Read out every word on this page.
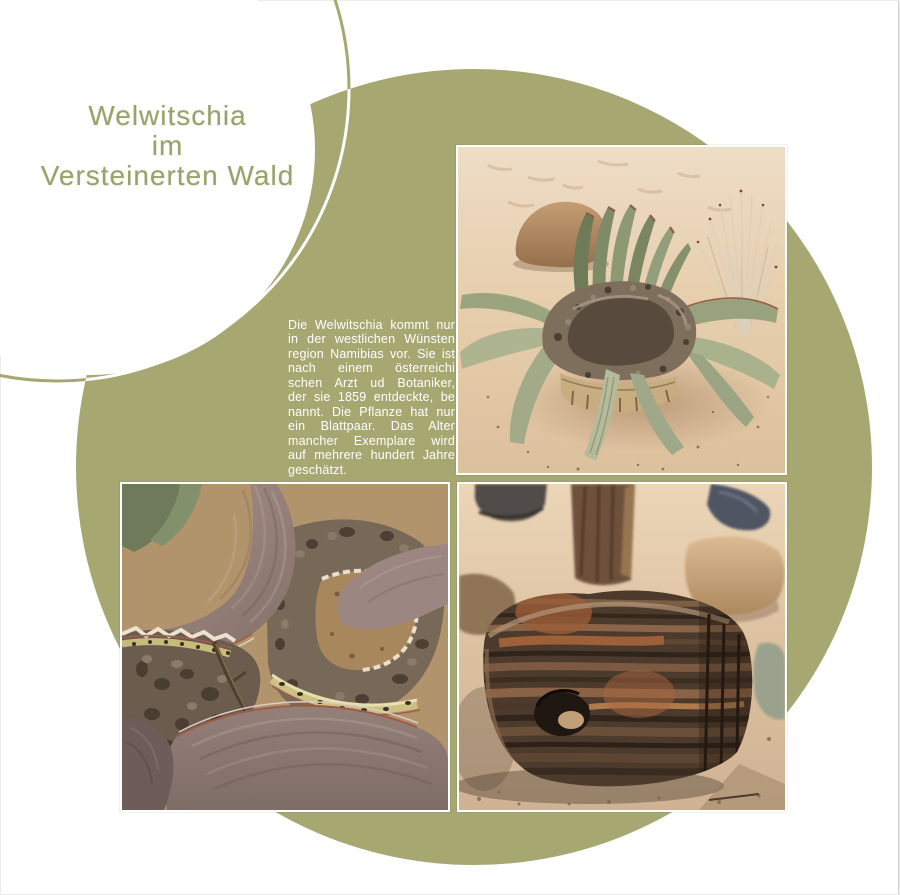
Welwitschia
im
Versteinerten Wald
Die Welwitschia kommt nur
in der westlichen Wünsten
region Namibias vor. Sie ist
nach einem österreichi
schen Arzt ud Botaniker,
der sie 1859 entdeckte, be
nannt. Die Pflanze hat nur
ein Blattpaar. Das Alter
mancher Exemplare wird
auf mehrere hundert Jahre
geschätzt.
